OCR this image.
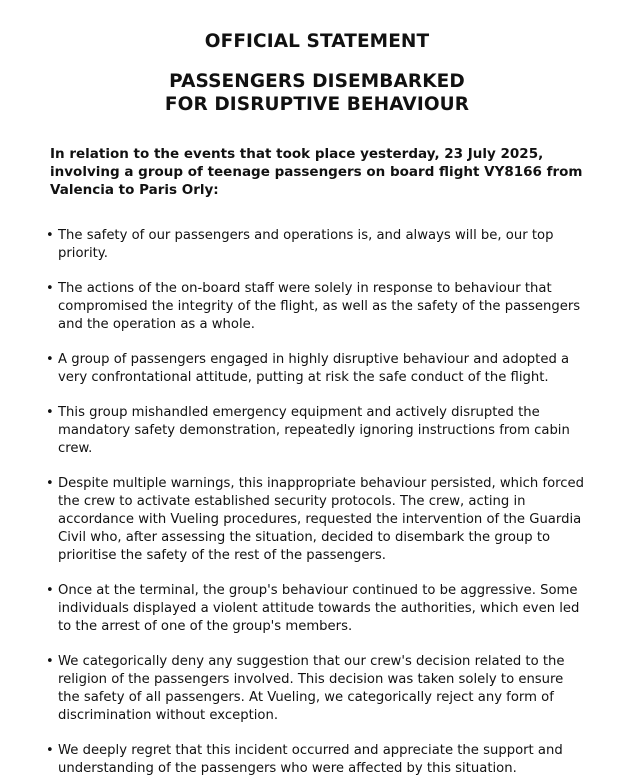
OFFICIAL STATEMENT

PASSENGERS DISEMBARKED
FOR DISRUPTIVE BEHAVIOUR

In relation to the events that took place yesterday, 23 July 2025, involving a group of teenage passengers on board flight VY8166 from Valencia to Paris Orly:

• The safety of our passengers and operations is, and always will be, our top priority.
• The actions of the on-board staff were solely in response to behaviour that compromised the integrity of the flight, as well as the safety of the passengers and the operation as a whole.
• A group of passengers engaged in highly disruptive behaviour and adopted a very confrontational attitude, putting at risk the safe conduct of the flight.
• This group mishandled emergency equipment and actively disrupted the mandatory safety demonstration, repeatedly ignoring instructions from cabin crew.
• Despite multiple warnings, this inappropriate behaviour persisted, which forced the crew to activate established security protocols. The crew, acting in accordance with Vueling procedures, requested the intervention of the Guardia Civil who, after assessing the situation, decided to disembark the group to prioritise the safety of the rest of the passengers.
• Once at the terminal, the group's behaviour continued to be aggressive. Some individuals displayed a violent attitude towards the authorities, which even led to the arrest of one of the group's members.
• We categorically deny any suggestion that our crew's decision related to the religion of the passengers involved. This decision was taken solely to ensure the safety of all passengers. At Vueling, we categorically reject any form of discrimination without exception.
• We deeply regret that this incident occurred and appreciate the support and understanding of the passengers who were affected by this situation.
